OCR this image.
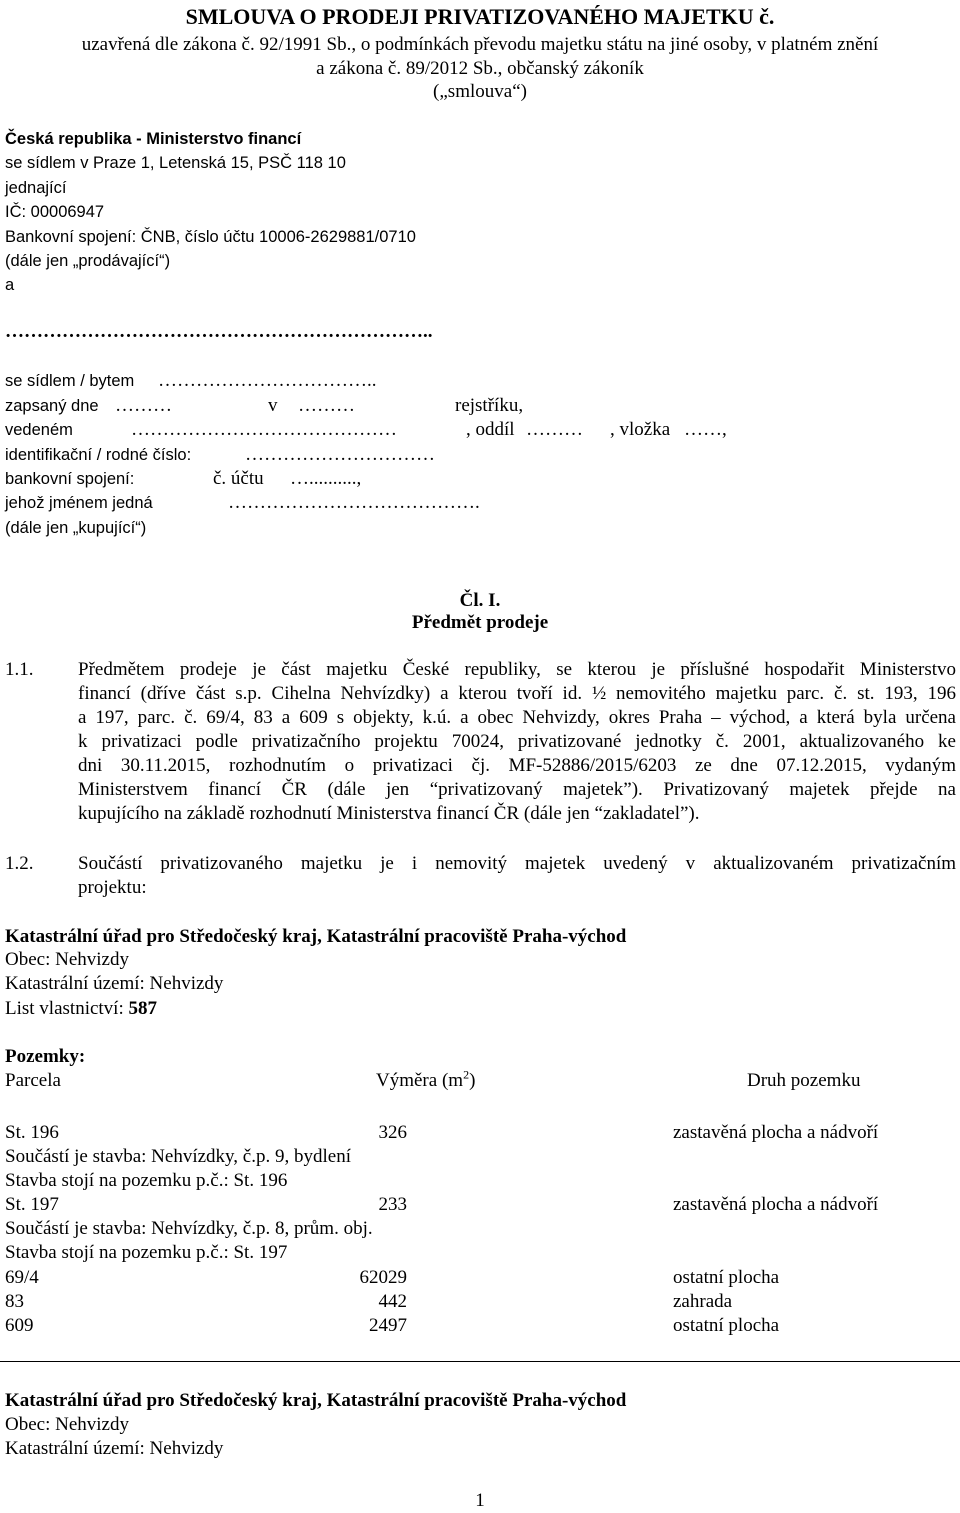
SMLOUVA O PRODEJI PRIVATIZOVANÉHO MAJETKU č.
uzavřená dle zákona č. 92/1991 Sb., o podmínkách převodu majetku státu na jiné osoby, v platném znění
a zákona č. 89/2012 Sb., občanský zákoník
(„smlouva“)
Česká republika - Ministerstvo financí
se sídlem v Praze 1, Letenská 15, PSČ 118 10
jednající
IČ: 00006947
Bankovní spojení: ČNB, číslo účtu 10006-2629881/0710
(dále jen „prodávající“)
a
…………………………………………………………..
se sídlem / bytem ……………………………..
zapsaný dne ………	v ………	rejstříku,
vedeném	……………………………………	, oddíl ……… , vložka ……,
identifikační / rodné číslo:	…………………………
bankovní spojení:	č. účtu …..........,
jehož jménem jedná	………………………………….
(dále jen „kupující“)
Čl. I.
Předmět prodeje
1.1. Předmětem prodeje je část majetku České republiky, se kterou je příslušné hospodařit Ministerstvo
financí (dříve část s.p. Cihelna Nehvízdky) a kterou tvoří id. ½ nemovitého majetku parc. č. st. 193, 196
a 197, parc. č. 69/4, 83 a 609 s objekty, k.ú. a obec Nehvizdy, okres Praha – východ, a která byla určena
k privatizaci podle privatizačního projektu 70024, privatizované jednotky č. 2001, aktualizovaného ke
dni 30.11.2015, rozhodnutím o privatizaci čj. MF-52886/2015/6203 ze dne 07.12.2015, vydaným
Ministerstvem financí ČR (dále jen “privatizovaný majetek”). Privatizovaný majetek přejde na
kupujícího na základě rozhodnutí Ministerstva financí ČR (dále jen “zakladatel”).
1.2. Součástí privatizovaného majetku je i nemovitý majetek uvedený v aktualizovaném privatizačním
projektu:
Katastrální úřad pro Středočeský kraj, Katastrální pracoviště Praha-východ
Obec: Nehvizdy
Katastrální území: Nehvizdy
List vlastnictví: 587
Pozemky:
Parcela	Výměra $(m^2)$	Druh pozemku
St. 196	326	zastavěná plocha a nádvoří
Součástí je stavba: Nehvízdky, č.p. 9, bydlení
Stavba stojí na pozemku p.č.: St. 196
St. 197	233	zastavěná plocha a nádvoří
Součástí je stavba: Nehvízdky, č.p. 8, prům. obj.
Stavba stojí na pozemku p.č.: St. 197
69/4	62029	ostatní plocha
83	442	zahrada
609	2497	ostatní plocha
Katastrální úřad pro Středočeský kraj, Katastrální pracoviště Praha-východ
Obec: Nehvizdy
Katastrální území: Nehvizdy
1
